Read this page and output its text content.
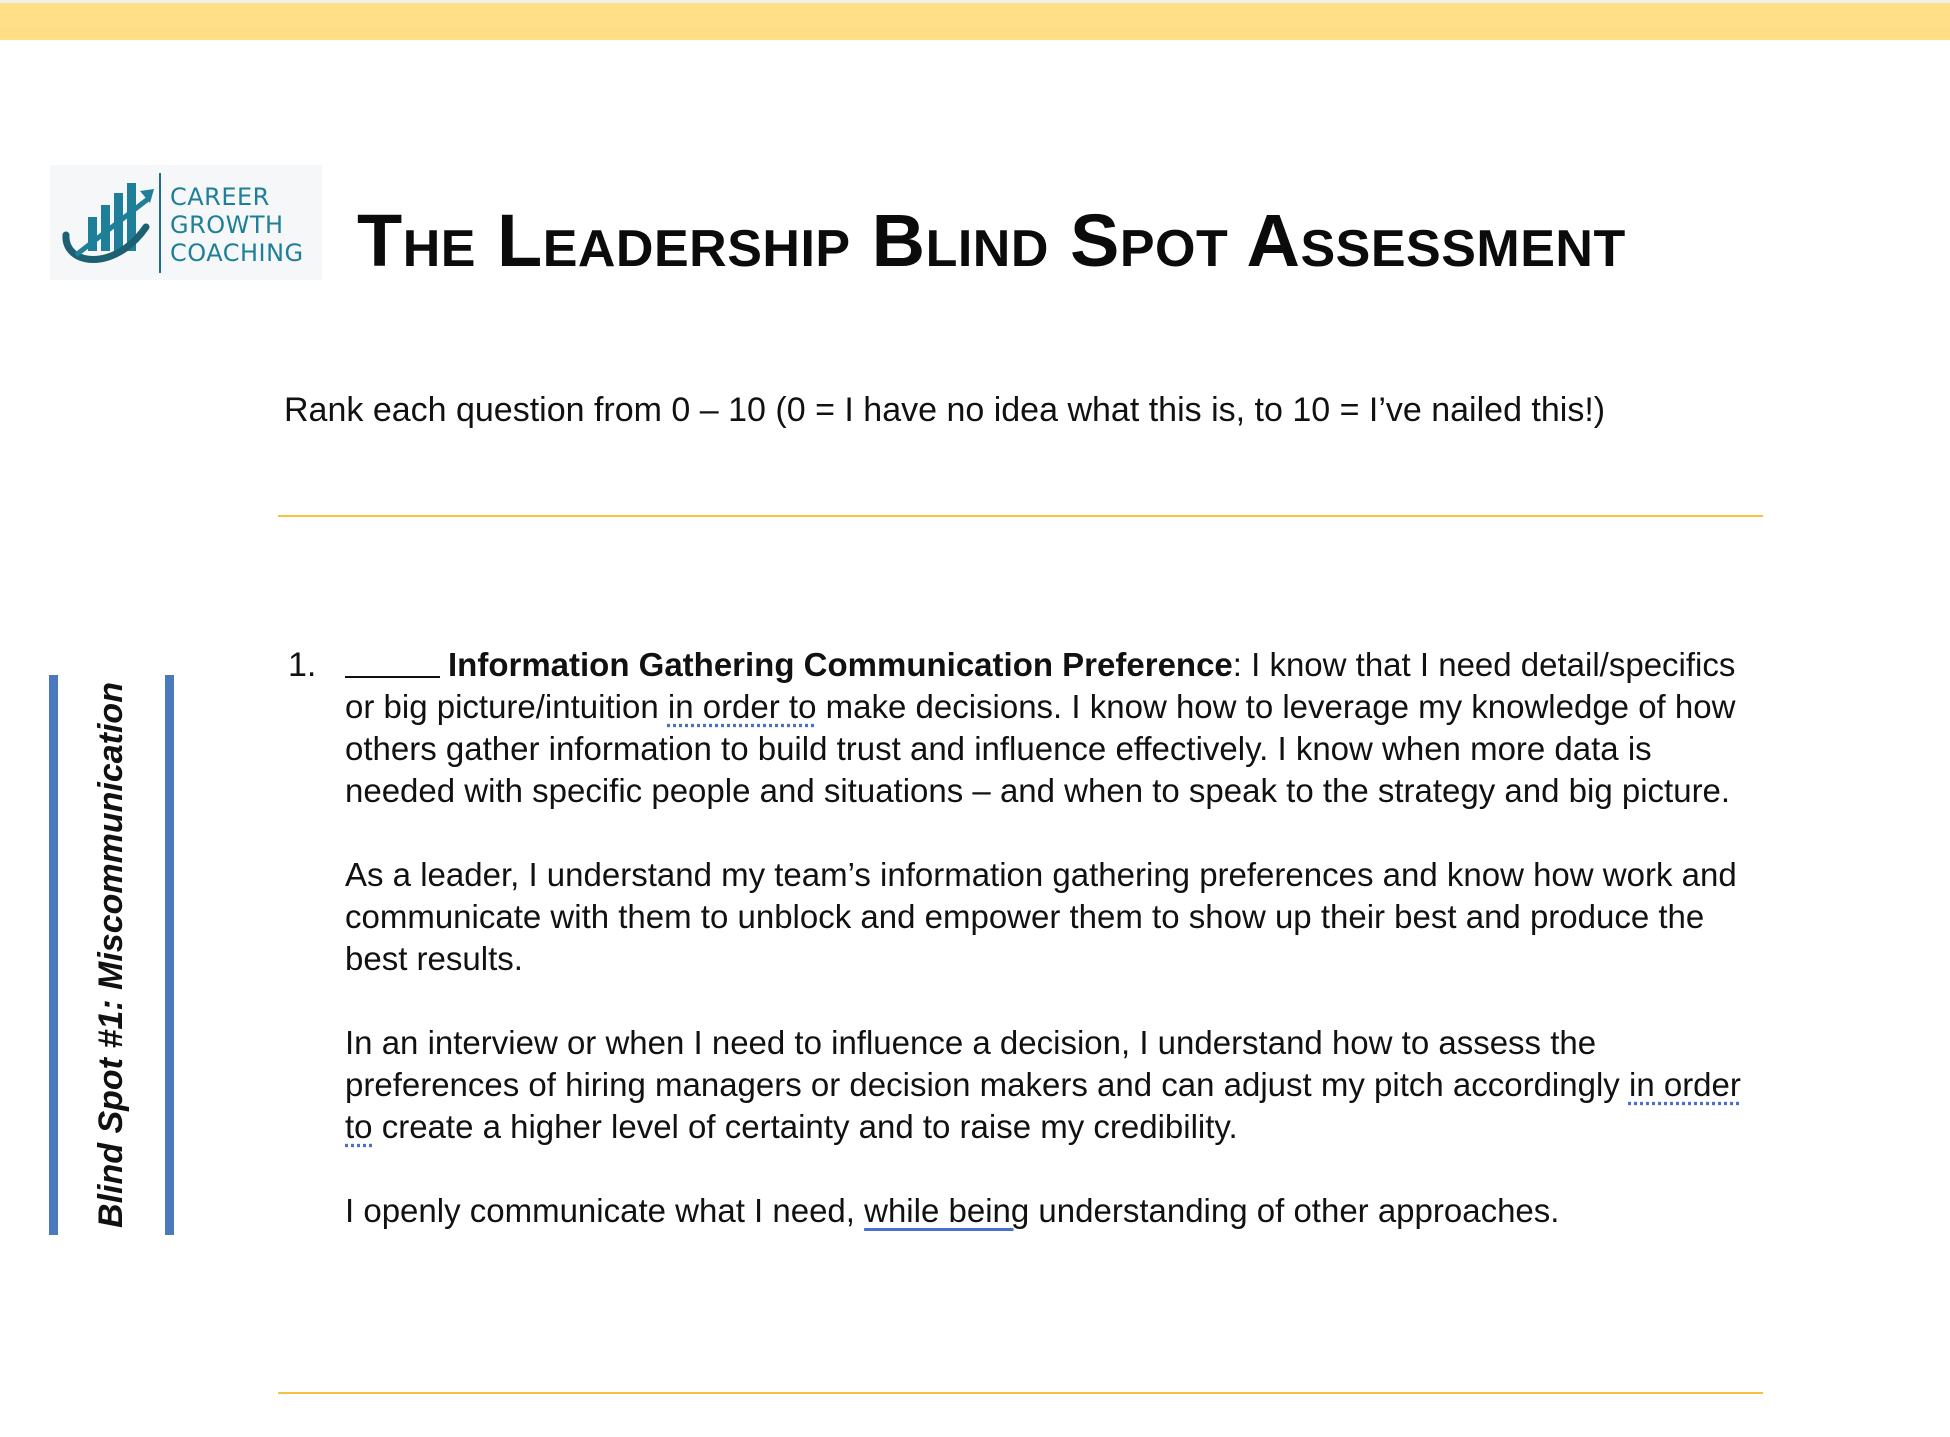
CAREER
GROWTH
COACHING The Leadership Blind Spot Assessment
Rank each question from 0 – 10 (0 = I have no idea what this is, to 10 = I’ve nailed this!)
Blind Spot #1: Miscommunication
1.	Information Gathering Communication Preference: I know that I need detail/specifics or big picture/intuition in order to make decisions. I know how to leverage my knowledge of how others gather information to build trust and influence effectively. I know when more data is needed with specific people and situations – and when to speak to the strategy and big picture.

As a leader, I understand my team’s information gathering preferences and know how work and communicate with them to unblock and empower them to show up their best and produce the best results.

In an interview or when I need to influence a decision, I understand how to assess the preferences of hiring managers or decision makers and can adjust my pitch accordingly in order to create a higher level of certainty and to raise my credibility.

I openly communicate what I need, while being understanding of other approaches.
